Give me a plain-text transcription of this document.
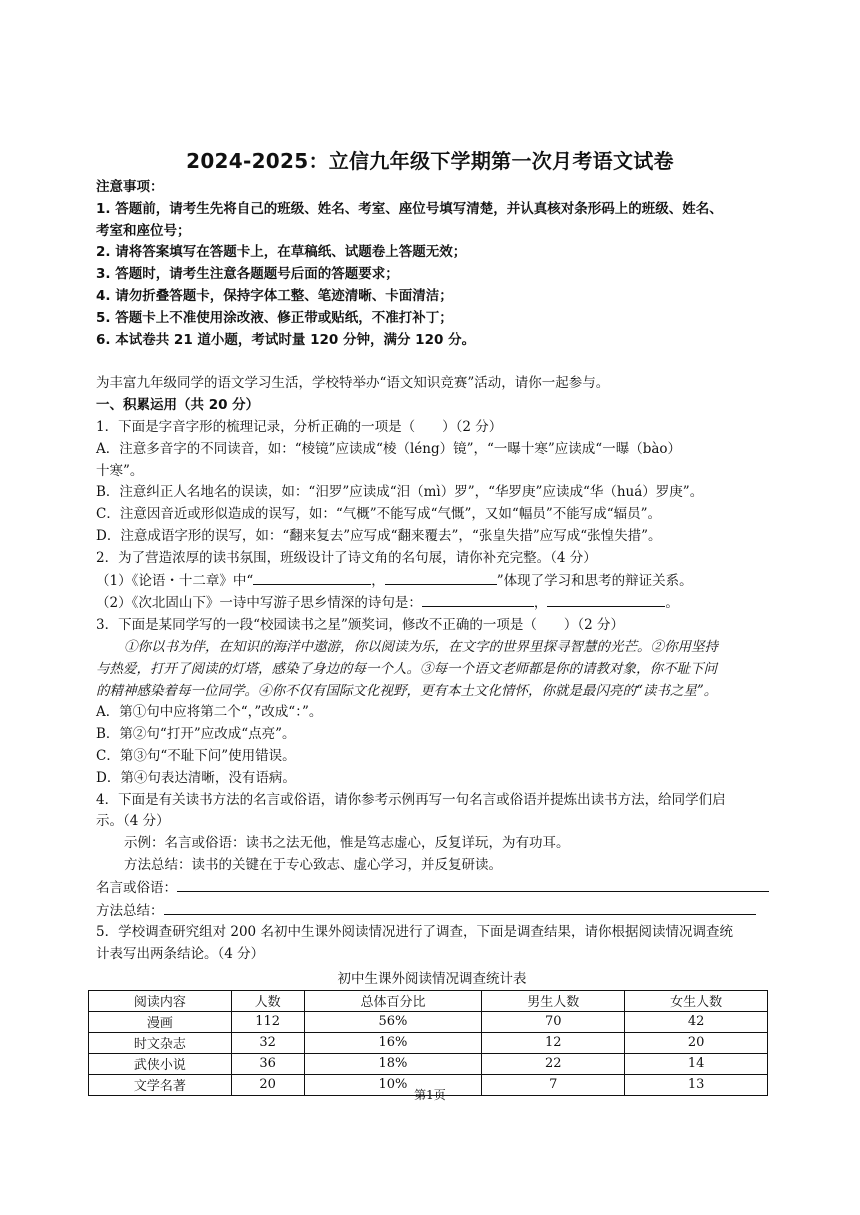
2024-2025：立信九年级下学期第一次月考语文试卷
注意事项：
1. 答题前，请考生先将自己的班级、姓名、考室、座位号填写清楚，并认真核对条形码上的班级、姓名、
考室和座位号；
2. 请将答案填写在答题卡上，在草稿纸、试题卷上答题无效；
3. 答题时，请考生注意各题题号后面的答题要求；
4. 请勿折叠答题卡，保持字体工整、笔迹清晰、卡面清洁；
5. 答题卡上不准使用涂改液、修正带或贴纸，不准打补丁；
6. 本试卷共 21 道小题，考试时量 120 分钟，满分 120 分。
为丰富九年级同学的语文学习生活，学校特举办“语文知识竞赛”活动，请你一起参与。
一、积累运用（共 20 分）
1．下面是字音字形的梳理记录，分析正确的一项是（　　）（2 分）
A．注意多音字的不同读音，如：“棱镜”应读成“棱（léng）镜”，“一曝十寒”应读成“一曝（bào）
十寒”。
B．注意纠正人名地名的误读，如：“汨罗”应读成“汨（mì）罗”，“华罗庚”应读成“华（huá）罗庚”。
C．注意因音近或形似造成的误写，如：“气概”不能写成“气慨”，又如“幅员”不能写成“辐员”。
D．注意成语字形的误写，如：“翻来复去”应写成“翻来覆去”，“张皇失措”应写成“张惶失措”。
2．为了营造浓厚的读书氛围，班级设计了诗文角的名句展，请你补充完整。（4 分）
（1）《论语・十二章》中“	，	”体现了学习和思考的辩证关系。
（2）《次北固山下》一诗中写游子思乡情深的诗句是：	，	。
3．下面是某同学写的一段“校园读书之星”颁奖词，修改不正确的一项是（　　）（2 分）
①你以书为伴，在知识的海洋中遨游，你以阅读为乐，在文字的世界里探寻智慧的光芒。②你用坚持
与热爱，打开了阅读的灯塔，感染了身边的每一个人。③每一个语文老师都是你的请教对象，你不耻下问
的精神感染着每一位同学。④你不仅有国际文化视野，更有本土文化情怀，你就是最闪亮的“读书之星”。
A．第①句中应将第二个“，”改成“：”。
B．第②句“打开”应改成“点亮”。
C．第③句“不耻下问”使用错误。
D．第④句表达清晰，没有语病。
4．下面是有关读书方法的名言或俗语，请你参考示例再写一句名言或俗语并提炼出读书方法，给同学们启
示。（4 分）
示例：名言或俗语：读书之法无他，惟是笃志虚心，反复详玩，为有功耳。
方法总结：读书的关键在于专心致志、虚心学习，并反复研读。
名言或俗语：
方法总结：
5．学校调查研究组对 200 名初中生课外阅读情况进行了调查，下面是调查结果，请你根据阅读情况调查统
计表写出两条结论。（4 分）
初中生课外阅读情况调查统计表
阅读内容	人数	总体百分比	男生人数	女生人数
漫画	112	56%	70	42
时文杂志	32	16%	12	20
武侠小说	36	18%	22	14
文学名著	20	10%	7	13
第1页
